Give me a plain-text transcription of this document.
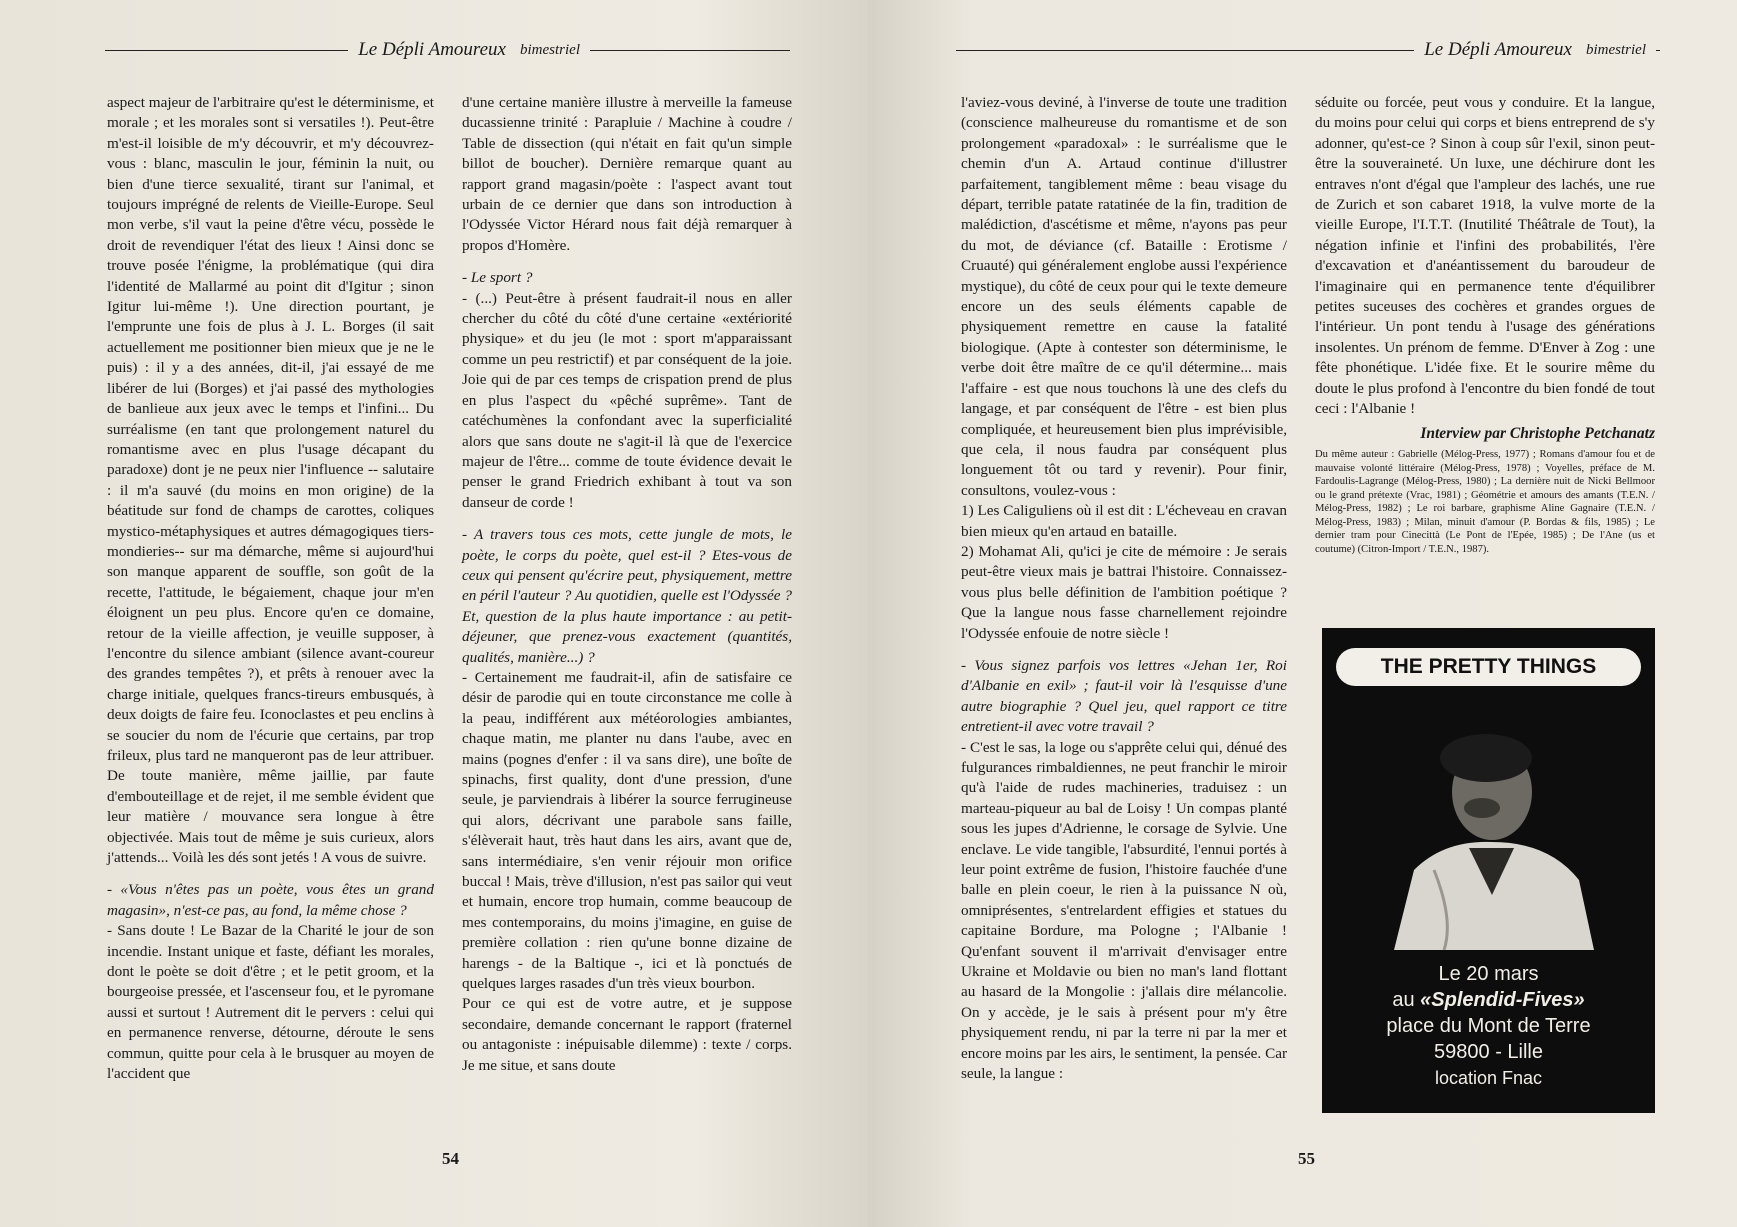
Le Dépli Amoureux bimestriel

aspect majeur de l'arbitraire qu'est le déterminisme, et morale ; et les morales sont si versatiles !). Peut-être m'est-il loisible de m'y découvrir, et m'y découvrez-vous : blanc, masculin le jour, féminin la nuit, ou bien d'une tierce sexualité, tirant sur l'animal, et toujours imprégné de relents de Vieille-Europe. Seul mon verbe, s'il vaut la peine d'être vécu, possède le droit de revendiquer l'état des lieux ! Ainsi donc se trouve posée l'énigme, la problématique (qui dira l'identité de Mallarmé au point dit d'Igitur ; sinon Igitur lui-même !). Une direction pourtant, je l'emprunte une fois de plus à J. L. Borges (il sait actuellement me positionner bien mieux que je ne le puis) : il y a des années, dit-il, j'ai essayé de me libérer de lui (Borges) et j'ai passé des mythologies de banlieue aux jeux avec le temps et l'infini... Du surréalisme (en tant que prolongement naturel du romantisme avec en plus l'usage décapant du paradoxe) dont je ne peux nier l'influence -- salutaire : il m'a sauvé (du moins en mon origine) de la béatitude sur fond de champs de carottes, coliques mystico-métaphysiques et autres démagogiques tiers-mondieries-- sur ma démarche, même si aujourd'hui son manque apparent de souffle, son goût de la recette, l'attitude, le bégaiement, chaque jour m'en éloignent un peu plus. Encore qu'en ce domaine, retour de la vieille affection, je veuille supposer, à l'encontre du silence ambiant (silence avant-coureur des grandes tempêtes ?), et prêts à renouer avec la charge initiale, quelques francs-tireurs embusqués, à deux doigts de faire feu. Iconoclastes et peu enclins à se soucier du nom de l'écurie que certains, par trop frileux, plus tard ne manqueront pas de leur attribuer. De toute manière, même jaillie, par faute d'embouteillage et de rejet, il me semble évident que leur matière / mouvance sera longue à être objectivée. Mais tout de même je suis curieux, alors j'attends... Voilà les dés sont jetés ! A vous de suivre.

- «Vous n'êtes pas un poète, vous êtes un grand magasin», n'est-ce pas, au fond, la même chose ?

- Sans doute ! Le Bazar de la Charité le jour de son incendie. Instant unique et faste, défiant les morales, dont le poète se doit d'être ; et le petit groom, et la bourgeoise pressée, et l'ascenseur fou, et le pyromane aussi et surtout ! Autrement dit le pervers : celui qui en permanence renverse, détourne, déroute le sens commun, quitte pour cela à le brusquer au moyen de l'accident que

d'une certaine manière illustre à merveille la fameuse ducassienne trinité : Parapluie / Machine à coudre / Table de dissection (qui n'était en fait qu'un simple billot de boucher). Dernière remarque quant au rapport grand magasin/poète : l'aspect avant tout urbain de ce dernier que dans son introduction à l'Odyssée Victor Hérard nous fait déjà remarquer à propos d'Homère.

- Le sport ?

- (...) Peut-être à présent faudrait-il nous en aller chercher du côté du côté d'une certaine «extériorité physique» et du jeu (le mot : sport m'apparaissant comme un peu restrictif) et par conséquent de la joie. Joie qui de par ces temps de crispation prend de plus en plus l'aspect du «pêché suprême». Tant de catéchumènes la confondant avec la superficialité alors que sans doute ne s'agit-il là que de l'exercice majeur de l'être... comme de toute évidence devait le penser le grand Friedrich exhibant à tout va son danseur de corde !

- A travers tous ces mots, cette jungle de mots, le poète, le corps du poète, quel est-il ? Etes-vous de ceux qui pensent qu'écrire peut, physiquement, mettre en péril l'auteur ? Au quotidien, quelle est l'Odyssée ? Et, question de la plus haute importance : au petit-déjeuner, que prenez-vous exactement (quantités, qualités, manière...) ?

- Certainement me faudrait-il, afin de satisfaire ce désir de parodie qui en toute circonstance me colle à la peau, indifférent aux météorologies ambiantes, chaque matin, me planter nu dans l'aube, avec en mains (pognes d'enfer : il va sans dire), une boîte de spinachs, first quality, dont d'une pression, d'une seule, je parviendrais à libérer la source ferrugineuse qui alors, décrivant une parabole sans faille, s'élèverait haut, très haut dans les airs, avant que de, sans intermédiaire, s'en venir réjouir mon orifice buccal ! Mais, trève d'illusion, n'est pas sailor qui veut et humain, encore trop humain, comme beaucoup de mes contemporains, du moins j'imagine, en guise de première collation : rien qu'une bonne dizaine de harengs - de la Baltique -, ici et là ponctués de quelques larges rasades d'un très vieux bourbon.

Pour ce qui est de votre autre, et je suppose secondaire, demande concernant le rapport (fraternel ou antagoniste : inépuisable dilemme) : texte / corps. Je me situe, et sans doute

54
Le Dépli Amoureux bimestriel

l'aviez-vous deviné, à l'inverse de toute une tradition (conscience malheureuse du romantisme et de son prolongement «paradoxal» : le surréalisme que le chemin d'un A. Artaud continue d'illustrer parfaitement, tangiblement même : beau visage du départ, terrible patate ratatinée de la fin, tradition de malédiction, d'ascétisme et même, n'ayons pas peur du mot, de déviance (cf. Bataille : Erotisme / Cruauté) qui généralement englobe aussi l'expérience mystique), du côté de ceux pour qui le texte demeure encore un des seuls éléments capable de physiquement remettre en cause la fatalité biologique. (Apte à contester son déterminisme, le verbe doit être maître de ce qu'il détermine... mais l'affaire - est que nous touchons là une des clefs du langage, et par conséquent de l'être - est bien plus compliquée, et heureusement bien plus imprévisible, que cela, il nous faudra par conséquent plus longuement tôt ou tard y revenir). Pour finir, consultons, voulez-vous :

1) Les Caliguliens où il est dit : L'écheveau en cravan bien mieux qu'en artaud en bataille.

2) Mohamat Ali, qu'ici je cite de mémoire : Je serais peut-être vieux mais je battrai l'histoire. Connaissez-vous plus belle définition de l'ambition poétique ? Que la langue nous fasse charnellement rejoindre l'Odyssée enfouie de notre siècle !

- Vous signez parfois vos lettres «Jehan 1er, Roi d'Albanie en exil» ; faut-il voir là l'esquisse d'une autre biographie ? Quel jeu, quel rapport ce titre entretient-il avec votre travail ?

- C'est le sas, la loge ou s'apprête celui qui, dénué des fulgurances rimbaldiennes, ne peut franchir le miroir qu'à l'aide de rudes machineries, traduisez : un marteau-piqueur au bal de Loisy ! Un compas planté sous les jupes d'Adrienne, le corsage de Sylvie. Une enclave. Le vide tangible, l'absurdité, l'ennui portés à leur point extrême de fusion, l'histoire fauchée d'une balle en plein coeur, le rien à la puissance N où, omniprésentes, s'entrelardent effigies et statues du capitaine Bordure, ma Pologne ; l'Albanie ! Qu'enfant souvent il m'arrivait d'envisager entre Ukraine et Moldavie ou bien no man's land flottant au hasard de la Mongolie : j'allais dire mélancolie. On y accède, je le sais à présent pour m'y être physiquement rendu, ni par la terre ni par la mer et encore moins par les airs, le sentiment, la pensée. Car seule, la langue :

séduite ou forcée, peut vous y conduire. Et la langue, du moins pour celui qui corps et biens entreprend de s'y adonner, qu'est-ce ? Sinon à coup sûr l'exil, sinon peut-être la souveraineté. Un luxe, une déchirure dont les entraves n'ont d'égal que l'ampleur des lachés, une rue de Zurich et son cabaret 1918, la vulve morte de la vieille Europe, l'I.T.T. (Inutilité Théâtrale de Tout), la négation infinie et l'infini des probabilités, l'ère d'excavation et d'anéantissement du baroudeur de l'imaginaire qui en permanence tente d'équilibrer petites suceuses des cochères et grandes orgues de l'intérieur. Un pont tendu à l'usage des générations insolentes. Un prénom de femme. D'Enver à Zog : une fête phonétique. L'idée fixe. Et le sourire même du doute le plus profond à l'encontre du bien fondé de tout ceci : l'Albanie !

Interview par Christophe Petchanatz
Du même auteur : Gabrielle (Mélog-Press, 1977) ; Romans d'amour fou et de mauvaise volonté littéraire (Mélog-Press, 1978) ; Voyelles, préface de M. Fardoulis-Lagrange (Mélog-Press, 1980) ; La dernière nuit de Nicki Bellmoor ou le grand prétexte (Vrac, 1981) ; Géométrie et amours des amants (T.E.N. / Mélog-Press, 1982) ; Le roi barbare, graphisme Aline Gagnaire (T.E.N. / Mélog-Press, 1983) ; Milan, minuit d'amour (P. Bordas & fils, 1985) ; Le dernier tram pour Cinecittà (Le Pont de l'Epée, 1985) ; De l'Ane (us et coutume) (Citron-Import / T.E.N., 1987).
THE PRETTY THINGS
Le 20 mars
au «Splendid-Fives»
place du Mont de Terre
59800 - Lille
location Fnac
55
